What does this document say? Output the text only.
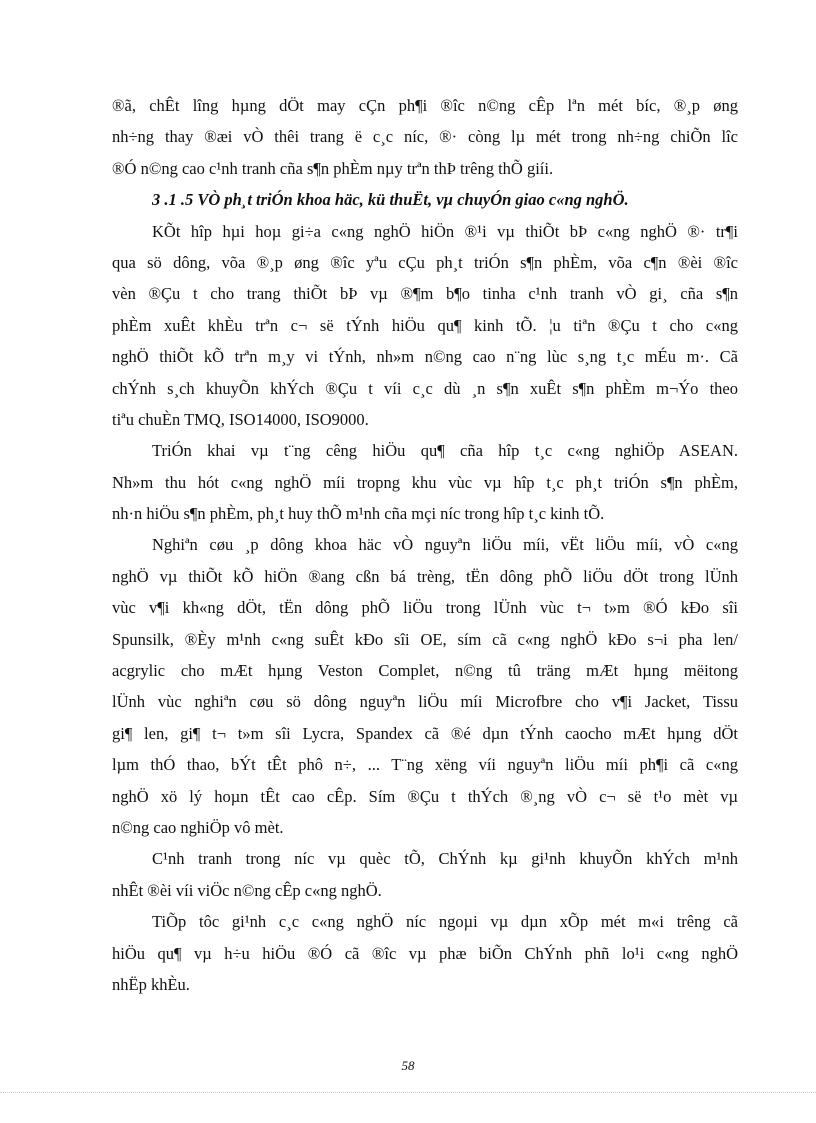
®ã, chÊt lîng hµng dÖt may cÇn ph¶i ®îc n©ng cÊp lªn mét bíc, ®¸p øng
nh÷ng thay ®æi vÒ thêi trang ë c¸c níc, ®· còng lµ mét trong nh÷ng chiÕn lîc
®Ó n©ng cao c¹nh tranh cña s¶n phÈm nµy trªn thÞ trêng thÕ giíi.
3 .1 .5 VÒ ph¸t triÓn khoa häc, kü thuËt, vµ chuyÓn giao c«ng nghÖ.
KÕt hîp hµi hoµ gi÷a c«ng nghÖ hiÖn ®¹i vµ thiÕt bÞ c«ng nghÖ ®· tr¶i
qua sö dông, võa ®¸p øng ®îc yªu cÇu ph¸t triÓn s¶n phÈm, võa c¶n ®èi ®îc
vèn ®Çu t cho trang thiÕt bÞ vµ ®¶m b¶o tinha c¹nh tranh vÒ gi¸ cña s¶n
phÈm xuÊt khÈu trªn c¬ së tÝnh hiÖu qu¶ kinh tÕ. ¦u tiªn ®Çu t cho c«ng
nghÖ thiÕt kÕ trªn m¸y vi tÝnh, nh»m n©ng cao n¨ng lùc s¸ng t¸c mÉu m·. Cã
chÝnh s¸ch khuyÕn khÝch ®Çu t víi c¸c dù ¸n s¶n xuÊt s¶n phÈm m¬Ýo theo
tiªu chuÈn TMQ, ISO14000, ISO9000.
TriÓn khai vµ t¨ng cêng hiÖu qu¶ cña hîp t¸c c«ng nghiÖp ASEAN.
Nh»m thu hót c«ng nghÖ míi tropng khu vùc vµ hîp t¸c ph¸t triÓn s¶n phÈm,
nh·n hiÖu s¶n phÈm, ph¸t huy thÕ m¹nh cña mçi níc trong hîp t¸c kinh tÕ.
Nghiªn cøu ¸p dông khoa häc vÒ nguyªn liÖu míi, vËt liÖu míi, vÒ c«ng
nghÖ vµ thiÕt kÕ hiÖn ®ang cßn bá trèng, tËn dông phÕ liÖu dÖt trong lÜnh
vùc v¶i kh«ng dÖt, tËn dông phÕ liÖu trong lÜnh vùc t¬ t»m ®Ó kÐo sîi
Spunsilk, ®Èy m¹nh c«ng suÊt kÐo sîi OE, sím cã c«ng nghÖ kÐo s¬i pha len/
acgrylic cho mÆt hµng Veston Complet, n©ng tû träng mÆt hµng mëitong
lÜnh vùc nghiªn cøu sö dông nguyªn liÖu míi Microfbre cho v¶i Jacket, Tissu
gi¶ len, gi¶ t¬ t»m sîi Lycra, Spandex cã ®é dµn tÝnh caocho mÆt hµng dÖt
lµm thÓ thao, bÝt tÊt phô n÷, ... T¨ng xëng víi nguyªn liÖu míi ph¶i cã c«ng
nghÖ xö lý hoµn tÊt cao cÊp. Sím ®Çu t thÝch ®¸ng vÒ c¬ së t¹o mèt vµ
n©ng cao nghiÖp vô mèt.
C¹nh tranh trong níc vµ quèc tÕ, ChÝnh kµ gi¹nh khuyÕn khÝch m¹nh
nhÊt ®èi víi viÖc n©ng cÊp c«ng nghÖ.
TiÕp tôc gi¹nh c¸c c«ng nghÖ níc ngoµi vµ dµn xÕp mét m«i trêng cã
hiÖu qu¶ vµ h÷u hiÖu ®Ó cã ®îc vµ phæ biÕn ChÝnh phñ lo¹i c«ng nghÖ
nhËp khÈu.
58
